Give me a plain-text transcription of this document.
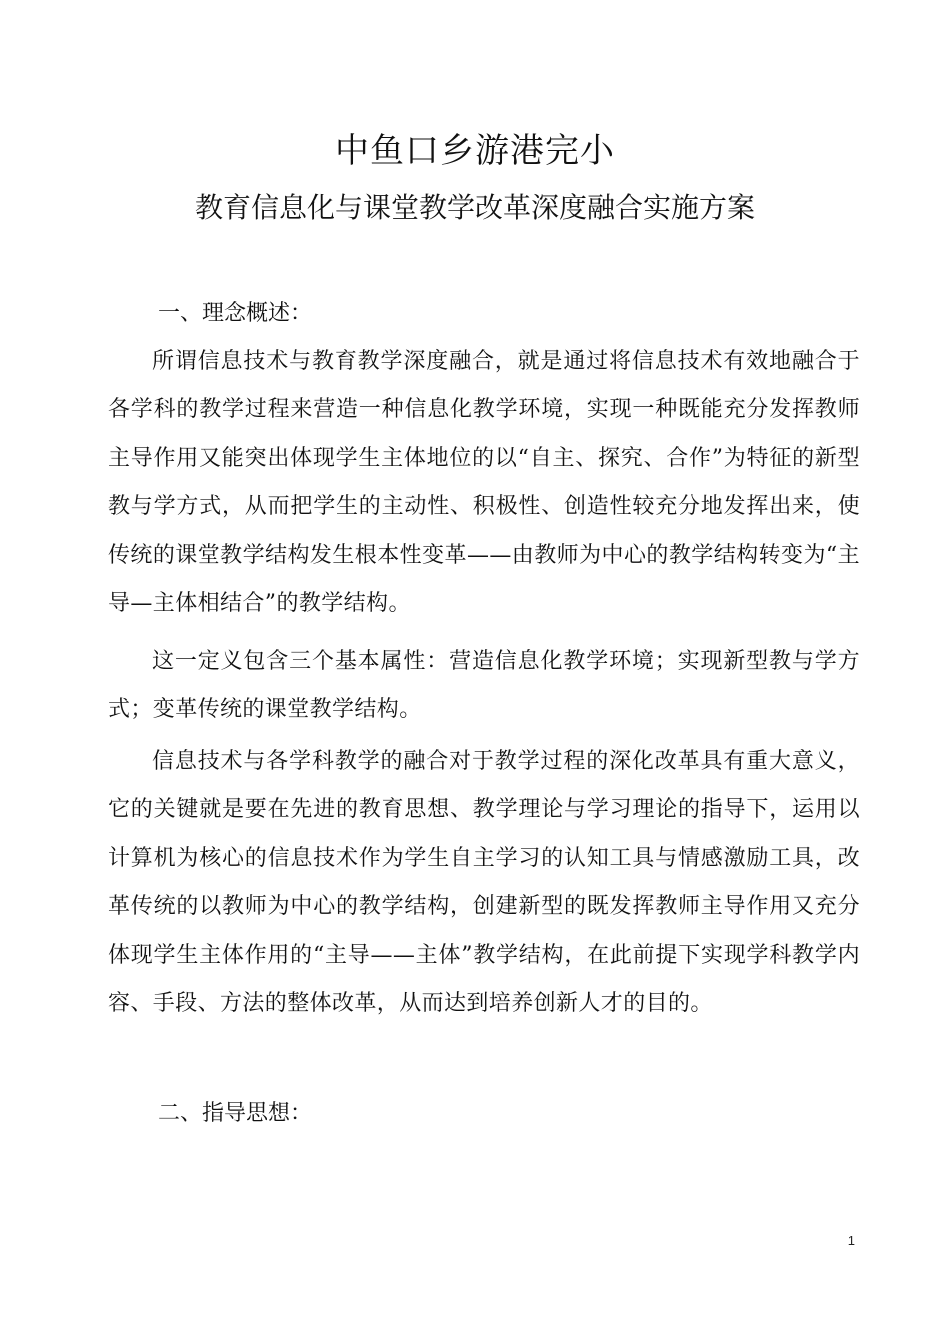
中鱼口乡游港完小
教育信息化与课堂教学改革深度融合实施方案
一、理念概述：

所谓信息技术与教育教学深度融合，就是通过将信息技术有效地融合于各学科的教学过程来营造一种信息化教学环境，实现一种既能充分发挥教师主导作用又能突出体现学生主体地位的以“自主、探究、合作”为特征的新型教与学方式，从而把学生的主动性、积极性、创造性较充分地发挥出来，使传统的课堂教学结构发生根本性变革——由教师为中心的教学结构转变为“主导—主体相结合”的教学结构。

这一定义包含三个基本属性：营造信息化教学环境；实现新型教与学方式；变革传统的课堂教学结构。

信息技术与各学科教学的融合对于教学过程的深化改革具有重大意义，它的关键就是要在先进的教育思想、教学理论与学习理论的指导下，运用以计算机为核心的信息技术作为学生自主学习的认知工具与情感激励工具，改革传统的以教师为中心的教学结构，创建新型的既发挥教师主导作用又充分体现学生主体作用的“主导——主体”教学结构，在此前提下实现学科教学内容、手段、方法的整体改革，从而达到培养创新人才的目的。

二、指导思想：
1
